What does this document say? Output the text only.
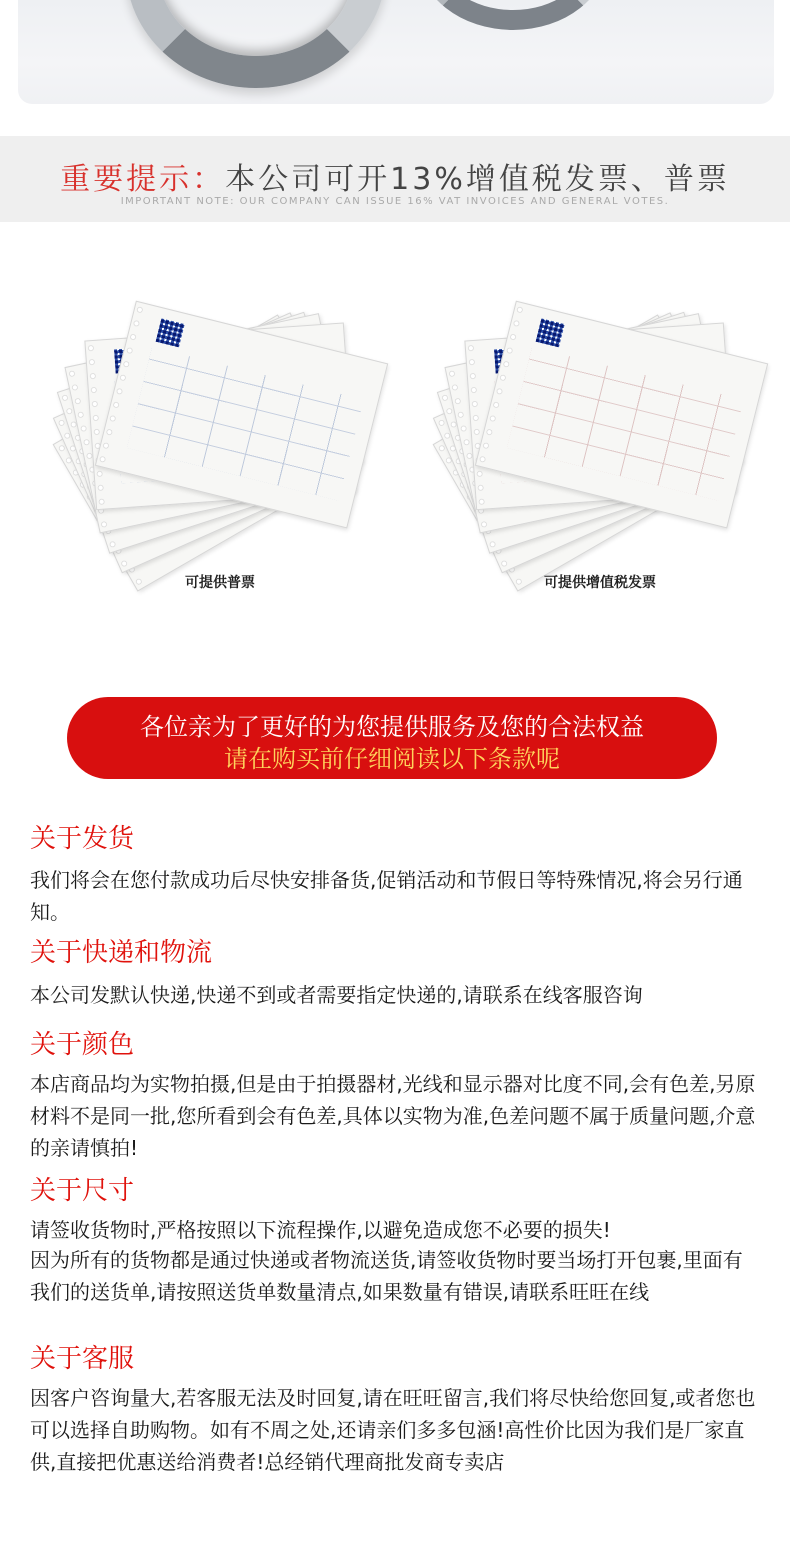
重要提示：本公司可开13%增值税发票、普票
IMPORTANT NOTE: OUR COMPANY CAN ISSUE 16% VAT INVOICES AND GENERAL VOTES.
可提供普票	可提供增值税发票
各位亲为了更好的为您提供服务及您的合法权益
请在购买前仔细阅读以下条款呢
关于发货
我们将会在您付款成功后尽快安排备货,促销活动和节假日等特殊情况,将会另行通知。
关于快递和物流
本公司发默认快递,快递不到或者需要指定快递的,请联系在线客服咨询
关于颜色
本店商品均为实物拍摄,但是由于拍摄器材,光线和显示器对比度不同,会有色差,另原材料不是同一批,您所看到会有色差,具体以实物为准,色差问题不属于质量问题,介意的亲请慎拍!
关于尺寸
请签收货物时,严格按照以下流程操作,以避免造成您不必要的损失!
因为所有的货物都是通过快递或者物流送货,请签收货物时要当场打开包裹,里面有我们的送货单,请按照送货单数量清点,如果数量有错误,请联系旺旺在线
关于客服
因客户咨询量大,若客服无法及时回复,请在旺旺留言,我们将尽快给您回复,或者您也可以选择自助购物。如有不周之处,还请亲们多多包涵!高性价比因为我们是厂家直供,直接把优惠送给消费者!总经销代理商批发商专卖店
